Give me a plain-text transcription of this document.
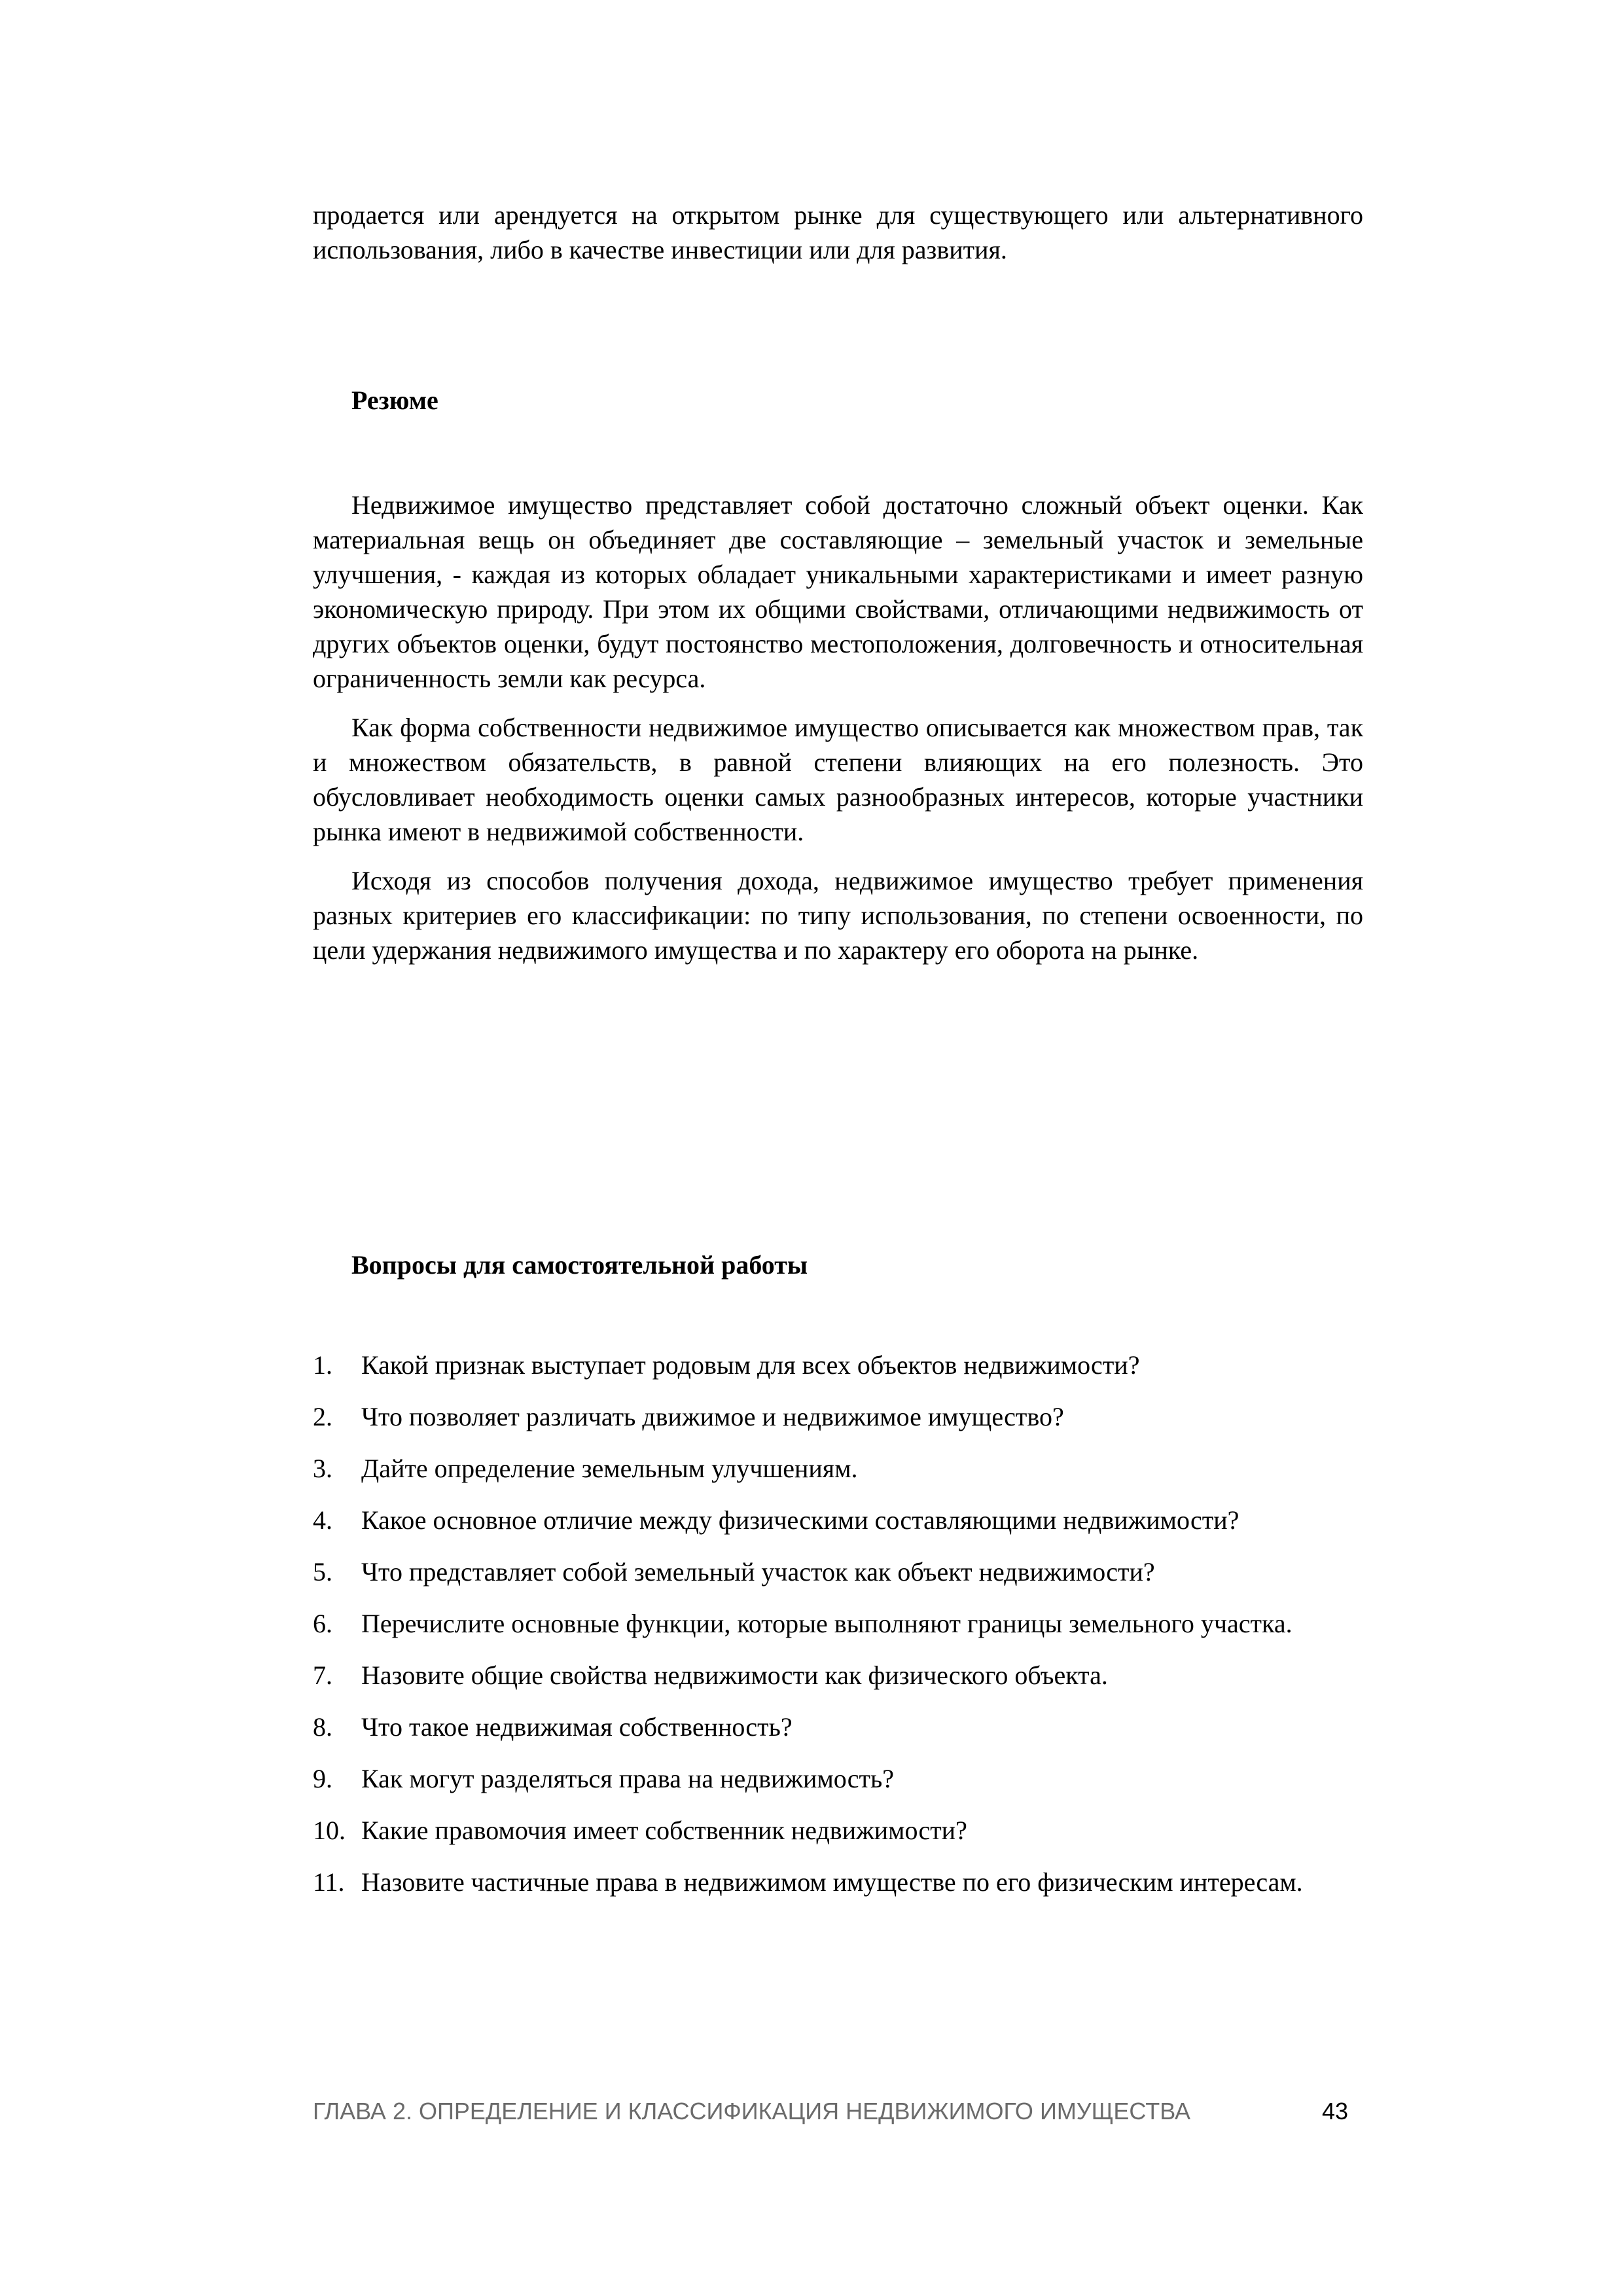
продается или арендуется на открытом рынке для существующего или альтернативного использования, либо в качестве инвестиции или для развития.

Резюме

Недвижимое имущество представляет собой достаточно сложный объект оценки. Как материальная вещь он объединяет две составляющие – земельный участок и земельные улучшения, - каждая из которых обладает уникальными характеристиками и имеет разную экономическую природу. При этом их общими свойствами, отличающими недвижимость от других объектов оценки, будут постоянство местоположения, долговечность и относительная ограниченность земли как ресурса.

Как форма собственности недвижимое имущество описывается как множеством прав, так и множеством обязательств, в равной степени влияющих на его полезность. Это обусловливает необходимость оценки самых разнообразных интересов, которые участники рынка имеют в недвижимой собственности.

Исходя из способов получения дохода, недвижимое имущество требует применения разных критериев его классификации: по типу использования, по степени освоенности, по цели удержания недвижимого имущества и по характеру его оборота на рынке.

Вопросы для самостоятельной работы
1. Какой признак выступает родовым для всех объектов недвижимости?
2. Что позволяет различать движимое и недвижимое имущество?
3. Дайте определение земельным улучшениям.
4. Какое основное отличие между физическими составляющими недвижимости?
5. Что представляет собой земельный участок как объект недвижимости?
6. Перечислите основные функции, которые выполняют границы земельного участка.
7. Назовите общие свойства недвижимости как физического объекта.
8. Что такое недвижимая собственность?
9. Как могут разделяться права на недвижимость?
10. Какие правомочия имеет собственник недвижимости?
11. Назовите частичные права в недвижимом имуществе по его физическим интересам.
ГЛАВА 2. ОПРЕДЕЛЕНИЕ И КЛАССИФИКАЦИЯ НЕДВИЖИМОГО ИМУЩЕСТВА	43
